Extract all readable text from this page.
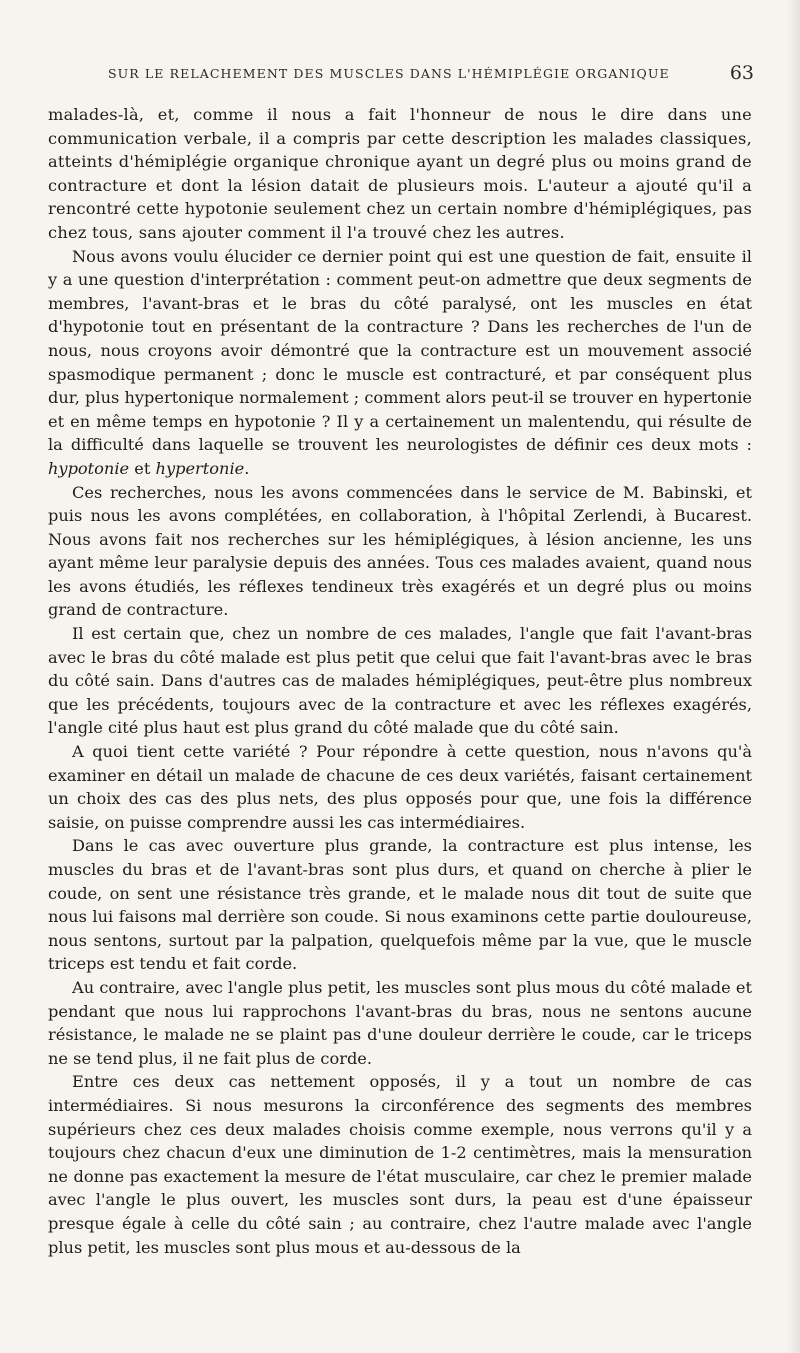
SUR LE RELACHEMENT DES MUSCLES DANS L'HÉMIPLÉGIE ORGANIQUE	63

malades-là, et, comme il nous a fait l'honneur de nous le dire dans une communication verbale, il a compris par cette description les malades classiques, atteints d'hémiplégie organique chronique ayant un degré plus ou moins grand de contracture et dont la lésion datait de plusieurs mois. L'auteur a ajouté qu'il a rencontré cette hypotonie seulement chez un certain nombre d'hémiplégiques, pas chez tous, sans ajouter comment il l'a trouvé chez les autres.

Nous avons voulu élucider ce dernier point qui est une question de fait, ensuite il y a une question d'interprétation : comment peut-on admettre que deux segments de membres, l'avant-bras et le bras du côté paralysé, ont les muscles en état d'hypotonie tout en présentant de la contracture ? Dans les recherches de l'un de nous, nous croyons avoir démontré que la contracture est un mouvement associé spasmodique permanent ; donc le muscle est contracturé, et par conséquent plus dur, plus hypertonique normalement ; comment alors peut-il se trouver en hypertonie et en même temps en hypotonie ? Il y a certainement un malentendu, qui résulte de la difficulté dans laquelle se trouvent les neurologistes de définir ces deux mots : hypotonie et hypertonie.

Ces recherches, nous les avons commencées dans le service de M. Babinski, et puis nous les avons complétées, en collaboration, à l'hôpital Zerlendi, à Bucarest. Nous avons fait nos recherches sur les hémiplégiques, à lésion ancienne, les uns ayant même leur paralysie depuis des années. Tous ces malades avaient, quand nous les avons étudiés, les réflexes tendineux très exagérés et un degré plus ou moins grand de contracture.

Il est certain que, chez un nombre de ces malades, l'angle que fait l'avant-bras avec le bras du côté malade est plus petit que celui que fait l'avant-bras avec le bras du côté sain. Dans d'autres cas de malades hémiplégiques, peut-être plus nombreux que les précédents, toujours avec de la contracture et avec les réflexes exagérés, l'angle cité plus haut est plus grand du côté malade que du côté sain.

A quoi tient cette variété ? Pour répondre à cette question, nous n'avons qu'à examiner en détail un malade de chacune de ces deux variétés, faisant certainement un choix des cas des plus nets, des plus opposés pour que, une fois la différence saisie, on puisse comprendre aussi les cas intermédiaires.

Dans le cas avec ouverture plus grande, la contracture est plus intense, les muscles du bras et de l'avant-bras sont plus durs, et quand on cherche à plier le coude, on sent une résistance très grande, et le malade nous dit tout de suite que nous lui faisons mal derrière son coude. Si nous examinons cette partie douloureuse, nous sentons, surtout par la palpation, quelquefois même par la vue, que le muscle triceps est tendu et fait corde.

Au contraire, avec l'angle plus petit, les muscles sont plus mous du côté malade et pendant que nous lui rapprochons l'avant-bras du bras, nous ne sentons aucune résistance, le malade ne se plaint pas d'une douleur derrière le coude, car le triceps ne se tend plus, il ne fait plus de corde.

Entre ces deux cas nettement opposés, il y a tout un nombre de cas intermédiaires. Si nous mesurons la circonférence des segments des membres supérieurs chez ces deux malades choisis comme exemple, nous verrons qu'il y a toujours chez chacun d'eux une diminution de 1-2 centimètres, mais la mensuration ne donne pas exactement la mesure de l'état musculaire, car chez le premier malade avec l'angle le plus ouvert, les muscles sont durs, la peau est d'une épaisseur presque égale à celle du côté sain ; au contraire, chez l'autre malade avec l'angle plus petit, les muscles sont plus mous et au-dessous de la
